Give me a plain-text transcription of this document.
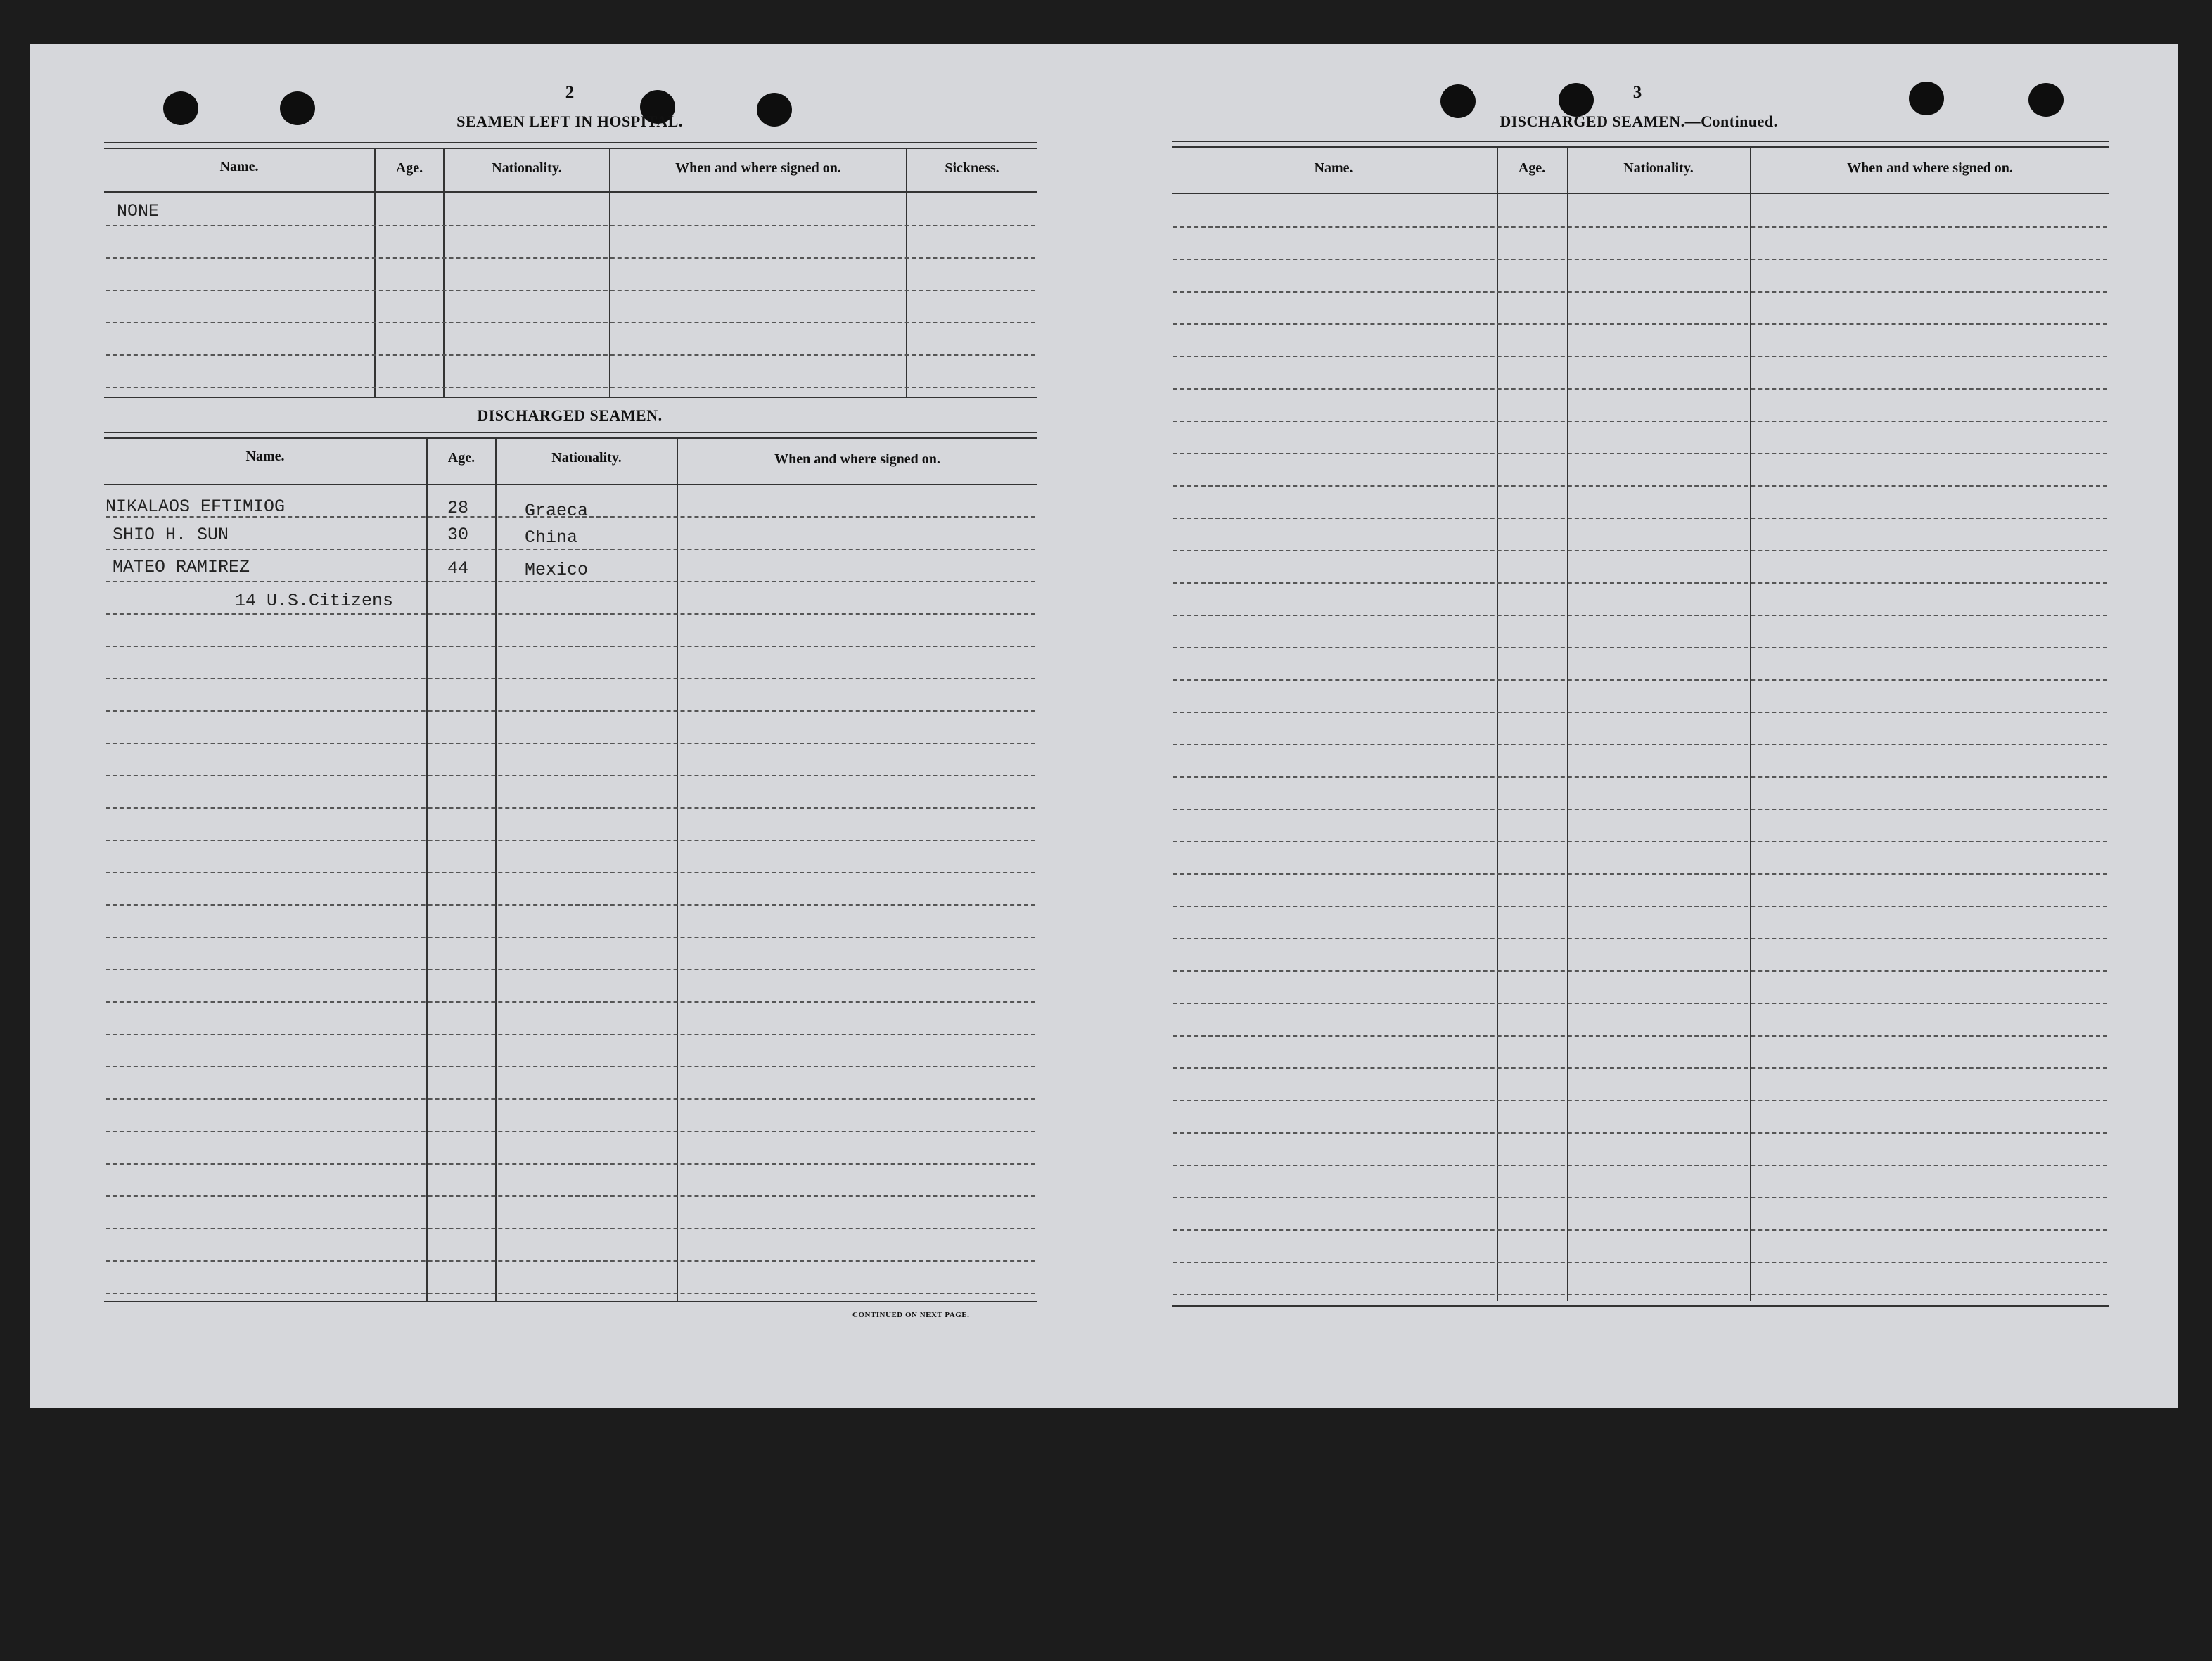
2
SEAMEN LEFT IN HOSPITAL.
Name.	Age.	Nationality.	When and where signed on.	Sickness.
NONE
DISCHARGED SEAMEN.
Name.	Age.	Nationality.	When and where signed on.
NIKALAOS EFTIMIOG	28	Graeca
SHIO H. SUN	30	China
MATEO RAMIREZ	44	Mexico
14 U.S.Citizens
CONTINUED ON NEXT PAGE.
3
DISCHARGED SEAMEN.—Continued.
Name.	Age.	Nationality.	When and where signed on.
